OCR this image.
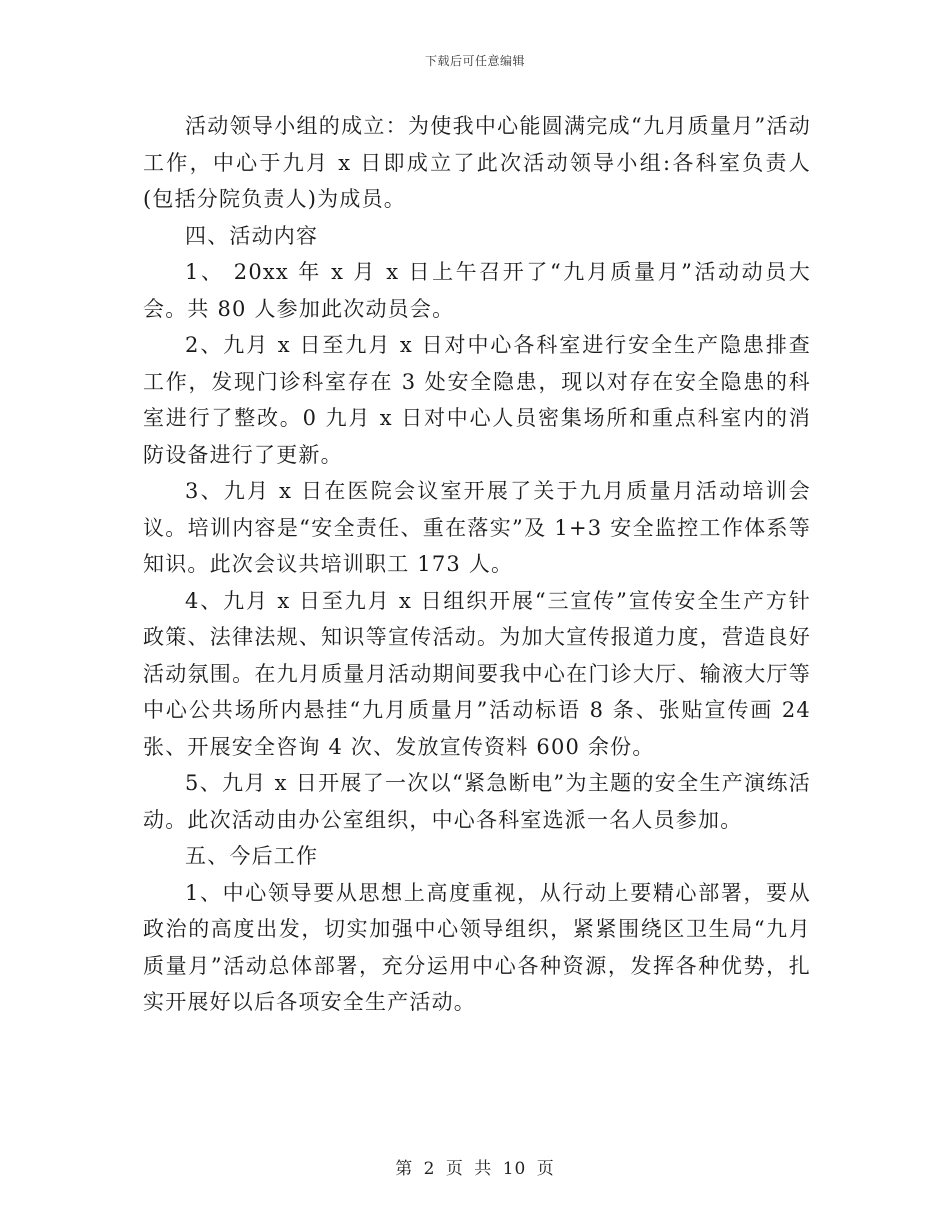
下载后可任意编辑

活动领导小组的成立：为使我中心能圆满完成“九月质量月”活动工作，中心于九月 x 日即成立了此次活动领导小组:各科室负责人(包括分院负责人)为成员。

四、活动内容

1、 20xx 年 x 月 x 日上午召开了“九月质量月”活动动员大会。共 80 人参加此次动员会。

2、九月 x 日至九月 x 日对中心各科室进行安全生产隐患排查工作，发现门诊科室存在 3 处安全隐患，现以对存在安全隐患的科室进行了整改。0 九月 x 日对中心人员密集场所和重点科室内的消防设备进行了更新。

3、九月 x 日在医院会议室开展了关于九月质量月活动培训会议。培训内容是“安全责任、重在落实”及 1+3 安全监控工作体系等知识。此次会议共培训职工 173 人。

4、九月 x 日至九月 x 日组织开展“三宣传”宣传安全生产方针政策、法律法规、知识等宣传活动。为加大宣传报道力度，营造良好活动氛围。在九月质量月活动期间要我中心在门诊大厅、输液大厅等中心公共场所内悬挂“九月质量月”活动标语 8 条、张贴宣传画 24 张、开展安全咨询 4 次、发放宣传资料 600 余份。

5、九月 x 日开展了一次以“紧急断电”为主题的安全生产演练活动。此次活动由办公室组织，中心各科室选派一名人员参加。

五、今后工作

1、中心领导要从思想上高度重视，从行动上要精心部署，要从政治的高度出发，切实加强中心领导组织，紧紧围绕区卫生局“九月质量月”活动总体部署，充分运用中心各种资源，发挥各种优势，扎实开展好以后各项安全生产活动。

第 2 页 共 10 页
